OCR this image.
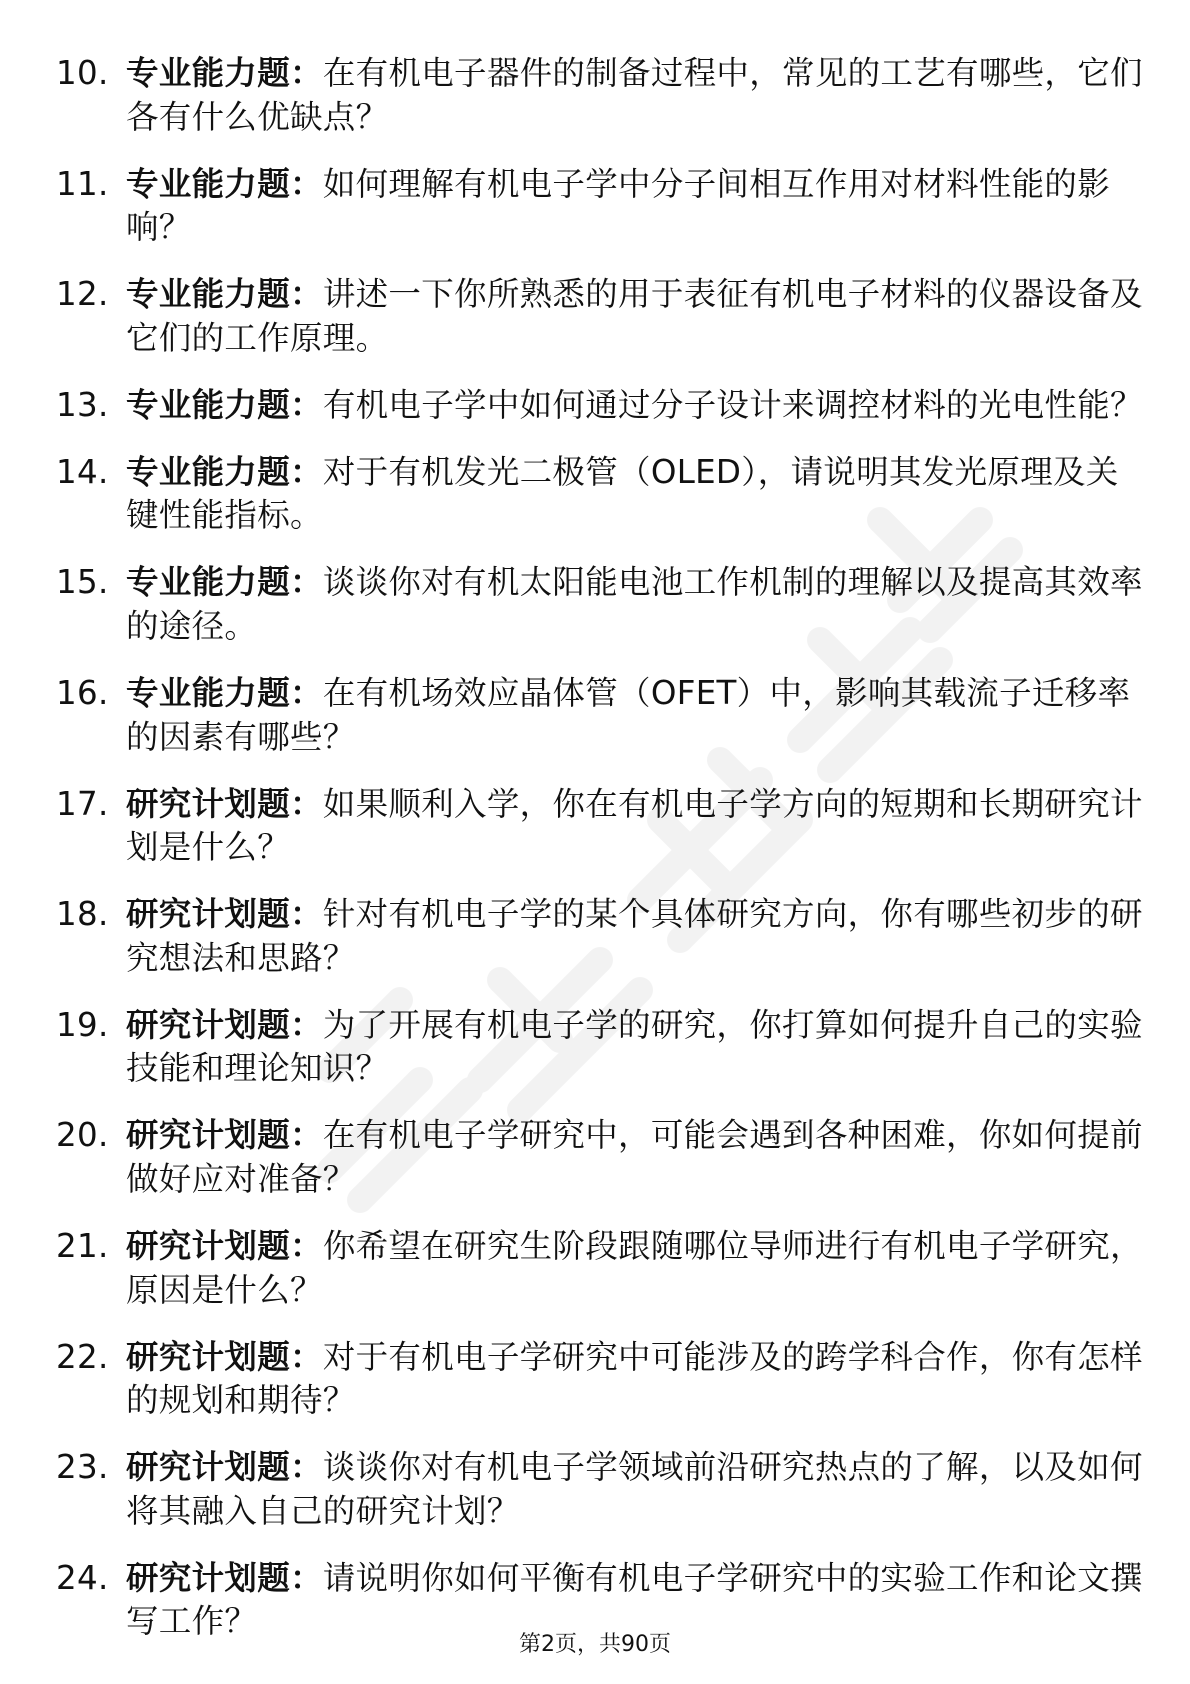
10. 专业能力题：在有机电子器件的制备过程中，常见的工艺有哪些，它们各有什么优缺点？
11. 专业能力题：如何理解有机电子学中分子间相互作用对材料性能的影响？
12. 专业能力题：讲述一下你所熟悉的用于表征有机电子材料的仪器设备及它们的工作原理。
13. 专业能力题：有机电子学中如何通过分子设计来调控材料的光电性能？
14. 专业能力题：对于有机发光二极管（OLED），请说明其发光原理及关键性能指标。
15. 专业能力题：谈谈你对有机太阳能电池工作机制的理解以及提高其效率的途径。
16. 专业能力题：在有机场效应晶体管（OFET）中，影响其载流子迁移率的因素有哪些？
17. 研究计划题：如果顺利入学，你在有机电子学方向的短期和长期研究计划是什么？
18. 研究计划题：针对有机电子学的某个具体研究方向，你有哪些初步的研究想法和思路？
19. 研究计划题：为了开展有机电子学的研究，你打算如何提升自己的实验技能和理论知识？
20. 研究计划题：在有机电子学研究中，可能会遇到各种困难，你如何提前做好应对准备？
21. 研究计划题：你希望在研究生阶段跟随哪位导师进行有机电子学研究，原因是什么？
22. 研究计划题：对于有机电子学研究中可能涉及的跨学科合作，你有怎样的规划和期待？
23. 研究计划题：谈谈你对有机电子学领域前沿研究热点的了解，以及如何将其融入自己的研究计划？
24. 研究计划题：请说明你如何平衡有机电子学研究中的实验工作和论文撰写工作？
第2页，共90页
